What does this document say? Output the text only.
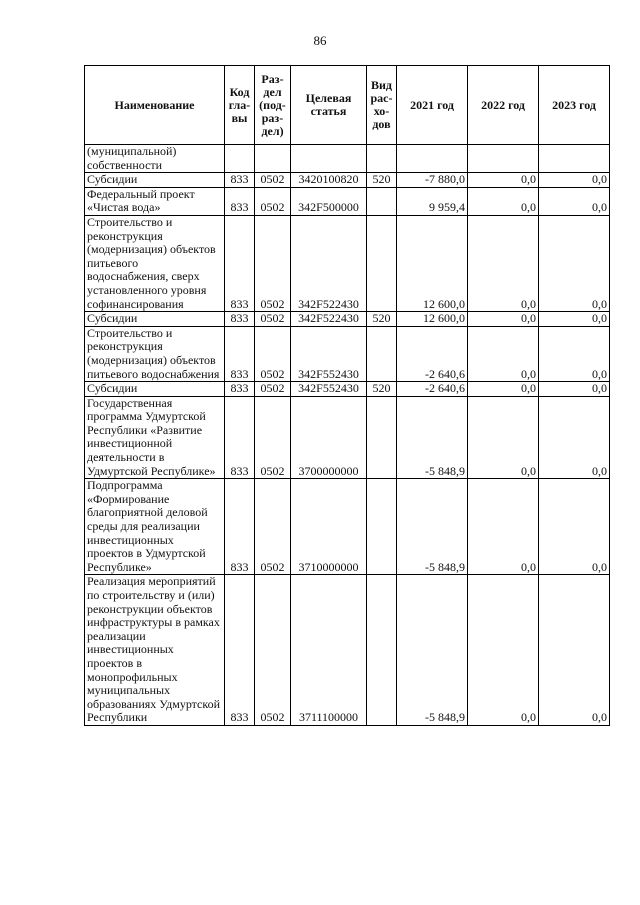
86
Наименование	Код гла-вы	Раз-дел (под-раз-дел)	Целевая статья	Вид рас-хо-дов	2021 год	2022 год	2023 год
(муниципальной) собственности							
Субсидии	833	0502	3420100820	520	-7 880,0	0,0	0,0
Федеральный проект «Чистая вода»	833	0502	342F500000		9 959,4	0,0	0,0
Строительство и реконструкция (модернизация) объектов питьевого водоснабжения, сверх установленного уровня софинансирования	833	0502	342F522430		12 600,0	0,0	0,0
Субсидии	833	0502	342F522430	520	12 600,0	0,0	0,0
Строительство и реконструкция (модернизация) объектов питьевого водоснабжения	833	0502	342F552430		-2 640,6	0,0	0,0
Субсидии	833	0502	342F552430	520	-2 640,6	0,0	0,0
Государственная программа Удмуртской Республики «Развитие инвестиционной деятельности в Удмуртской Республике»	833	0502	3700000000		-5 848,9	0,0	0,0
Подпрограмма «Формирование благоприятной деловой среды для реализации инвестиционных проектов в Удмуртской Республике»	833	0502	3710000000		-5 848,9	0,0	0,0
Реализация мероприятий по строительству и (или) реконструкции объектов инфраструктуры в рамках реализации инвестиционных проектов в монопрофильных муниципальных образованиях Удмуртской Республики	833	0502	3711100000		-5 848,9	0,0	0,0
